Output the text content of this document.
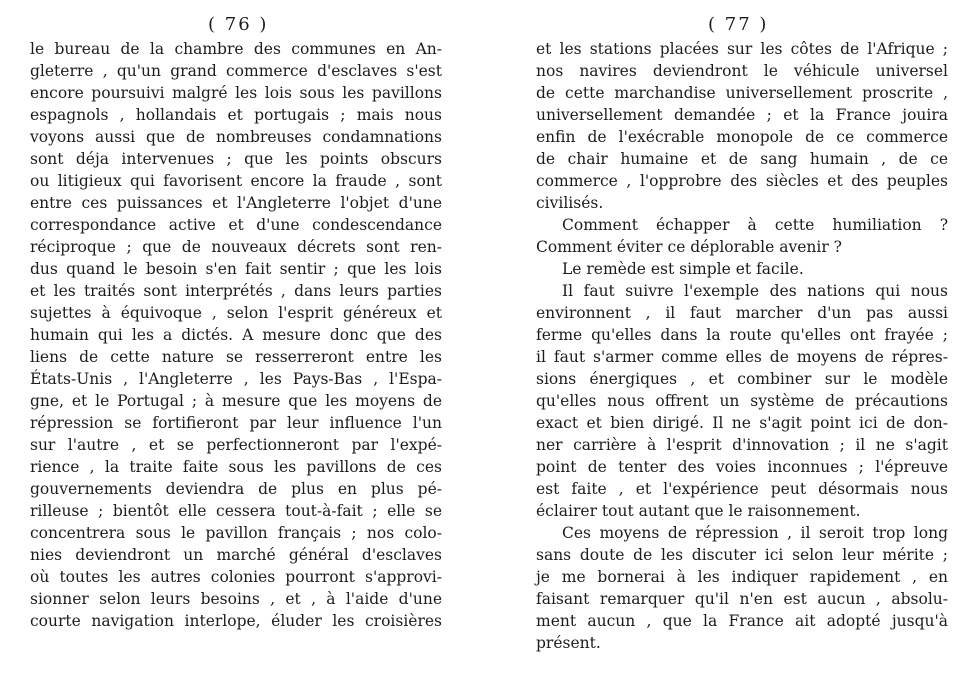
( 76 )
le bureau de la chambre des communes en An-
gleterre , qu'un grand commerce d'esclaves s'est
encore poursuivi malgré les lois sous les pavillons
espagnols , hollandais et portugais ; mais nous
voyons aussi que de nombreuses condamnations
sont déja intervenues ; que les points obscurs
ou litigieux qui favorisent encore la fraude , sont
entre ces puissances et l'Angleterre l'objet d'une
correspondance active et d'une condescendance
réciproque ; que de nouveaux décrets sont ren-
dus quand le besoin s'en fait sentir ; que les lois
et les traités sont interprétés , dans leurs parties
sujettes à équivoque , selon l'esprit généreux et
humain qui les a dictés. A mesure donc que des
liens de cette nature se resserreront entre les
États-Unis , l'Angleterre , les Pays-Bas , l'Espa-
gne, et le Portugal ; à mesure que les moyens de
répression se fortifieront par leur influence l'un
sur l'autre , et se perfectionneront par l'expé-
rience , la traite faite sous les pavillons de ces
gouvernements deviendra de plus en plus pé-
rilleuse ; bientôt elle cessera tout-à-fait ; elle se
concentrera sous le pavillon français ; nos colo-
nies deviendront un marché général d'esclaves
où toutes les autres colonies pourront s'approvi-
sionner selon leurs besoins , et , à l'aide d'une
courte navigation interlope, éluder les croisières
( 77 )
et les stations placées sur les côtes de l'Afrique ;
nos navires deviendront le véhicule universel
de cette marchandise universellement proscrite ,
universellement demandée ; et la France jouira
enfin de l'exécrable monopole de ce commerce
de chair humaine et de sang humain , de ce
commerce , l'opprobre des siècles et des peuples
civilisés.
Comment échapper à cette humiliation ?
Comment éviter ce déplorable avenir ?
Le remède est simple et facile.
Il faut suivre l'exemple des nations qui nous
environnent , il faut marcher d'un pas aussi
ferme qu'elles dans la route qu'elles ont frayée ;
il faut s'armer comme elles de moyens de répres-
sions énergiques , et combiner sur le modèle
qu'elles nous offrent un système de précautions
exact et bien dirigé. Il ne s'agit point ici de don-
ner carrière à l'esprit d'innovation ; il ne s'agit
point de tenter des voies inconnues ; l'épreuve
est faite , et l'expérience peut désormais nous
éclairer tout autant que le raisonnement.
Ces moyens de répression , il seroit trop long
sans doute de les discuter ici selon leur mérite ;
je me bornerai à les indiquer rapidement , en
faisant remarquer qu'il n'en est aucun , absolu-
ment aucun , que la France ait adopté jusqu'à
présent.
